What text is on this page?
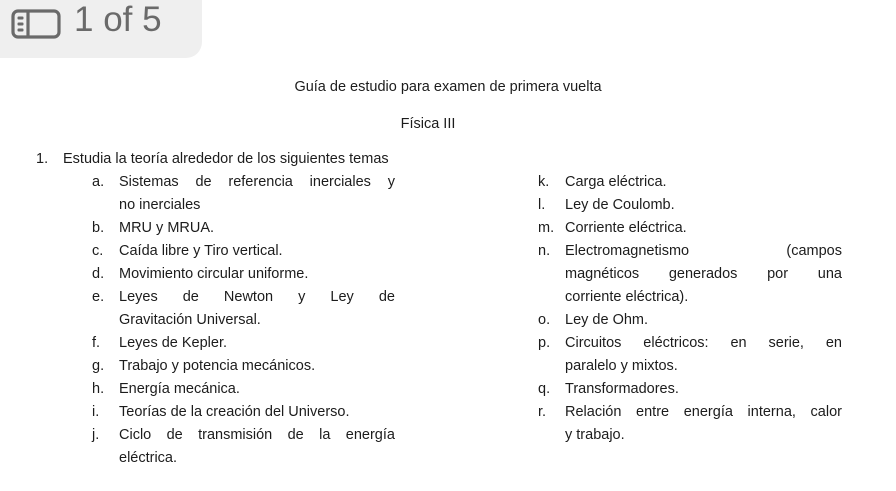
1 of 5
Guía de estudio para examen de primera vuelta
Física III
1. Estudia la teoría alrededor de los siguientes temas
a. Sistemas de referencia inerciales y
no inerciales
b. MRU y MRUA.
c. Caída libre y Tiro vertical.
d. Movimiento circular uniforme.
e. Leyes de Newton y Ley de
Gravitación Universal.
f. Leyes de Kepler.
g. Trabajo y potencia mecánicos.
h. Energía mecánica.
i. Teorías de la creación del Universo.
j. Ciclo de transmisión de la energía
eléctrica.
k. Carga eléctrica.
l. Ley de Coulomb.
m. Corriente eléctrica.
n. Electromagnetismo	(campos
magnéticos generados por una
corriente eléctrica).
o. Ley de Ohm.
p. Circuitos eléctricos: en serie, en
paralelo y mixtos.
q. Transformadores.
r. Relación entre energía interna, calor
y trabajo.
